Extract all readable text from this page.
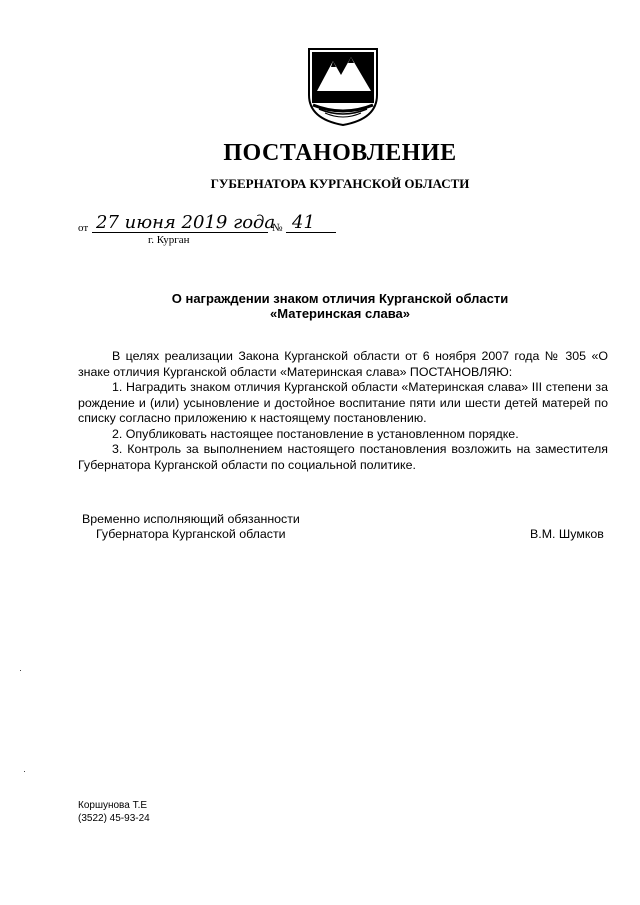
ПОСТАНОВЛЕНИЕ
ГУБЕРНАТОРА КУРГАНСКОЙ ОБЛАСТИ
от 27 июня 2019 года
№ 41
г. Курган
О награждении знаком отличия Курганской области
«Материнская слава»

В целях реализации Закона Курганской области от 6 ноября 2007 года № 305 «О знаке отличия Курганской области «Материнская слава» ПОСТАНОВЛЯЮ:

1. Наградить знаком отличия Курганской области «Материнская слава» III степени за рождение и (или) усыновление и достойное воспитание пяти или шести детей матерей по списку согласно приложению к настоящему постановлению.

2. Опубликовать настоящее постановление в установленном порядке.

3. Контроль за выполнением настоящего постановления возложить на заместителя Губернатора Курганской области по социальной политике.

Временно исполняющий обязанности
Губернатора Курганской области	В.М. Шумков
Коршунова Т.Е
(3522) 45-93-24
